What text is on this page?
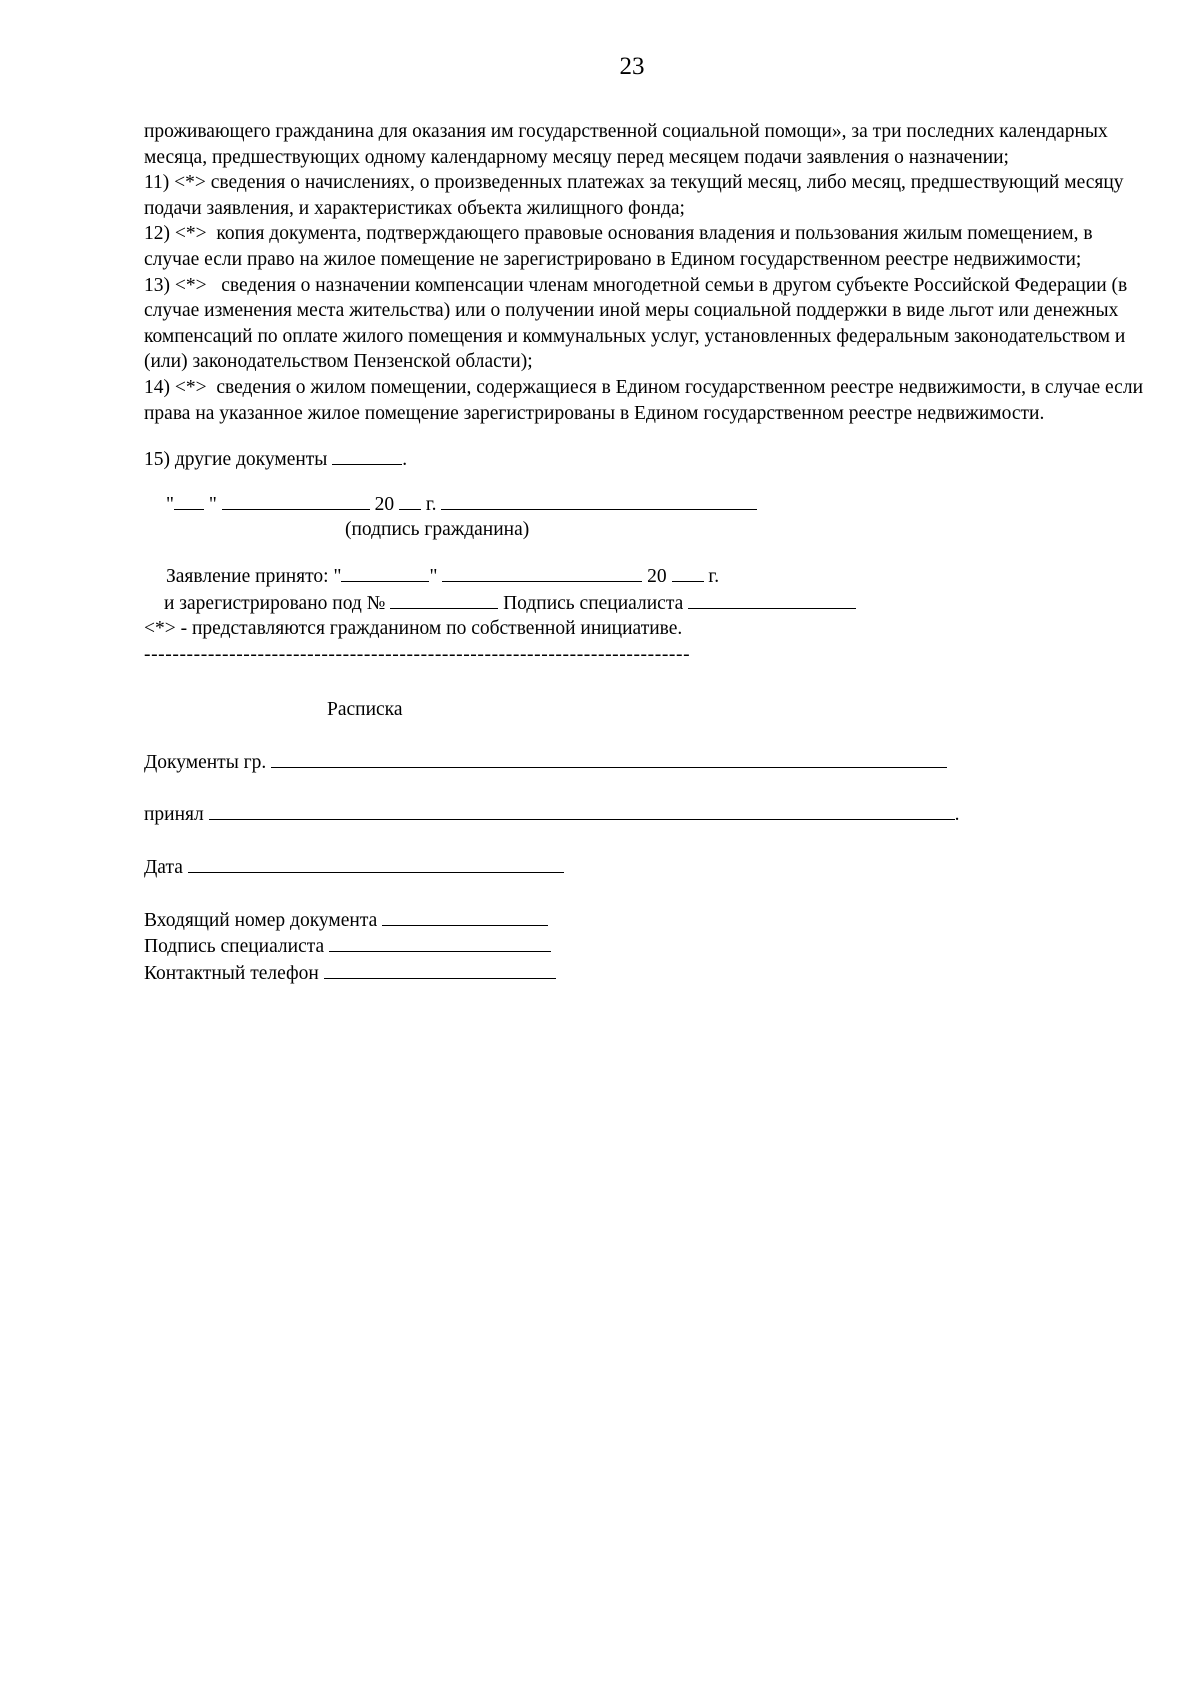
23

проживающего гражданина для оказания им государственной социальной помощи», за три последних календарных месяца, предшествующих одному календарному месяцу перед месяцем подачи заявления о назначении;

11) <*> сведения о начислениях, о произведенных платежах за текущий месяц, либо месяц, предшествующий месяцу подачи заявления, и характеристиках объекта жилищного фонда;

12) <*>  копия документа, подтверждающего правовые основания владения и пользования жилым помещением, в случае если право на жилое помещение не зарегистрировано в Едином государственном реестре недвижимости;

13) <*>   сведения о назначении компенсации членам многодетной семьи в другом субъекте Российской Федерации (в случае изменения места жительства) или о получении иной меры социальной поддержки в виде льгот или денежных компенсаций по оплате жилого помещения и коммунальных услуг, установленных федеральным законодательством и (или) законодательством Пензенской области);

14) <*>  сведения о жилом помещении, содержащиеся в Едином государственном реестре недвижимости, в случае если права на указанное жилое помещение зарегистрированы в Едином государственном реестре недвижимости.

15) другие документы	.

" "	20 г.

(подпись гражданина)

Заявление принято: "	"	20 г.

и зарегистрировано под №	Подпись специалиста

<*> - представляются гражданином по собственной инициативе.

-----------------------------------------------------------------------------

Расписка

Документы гр.

принял	.

Дата

Входящий номер документа

Подпись специалиста

Контактный телефон
